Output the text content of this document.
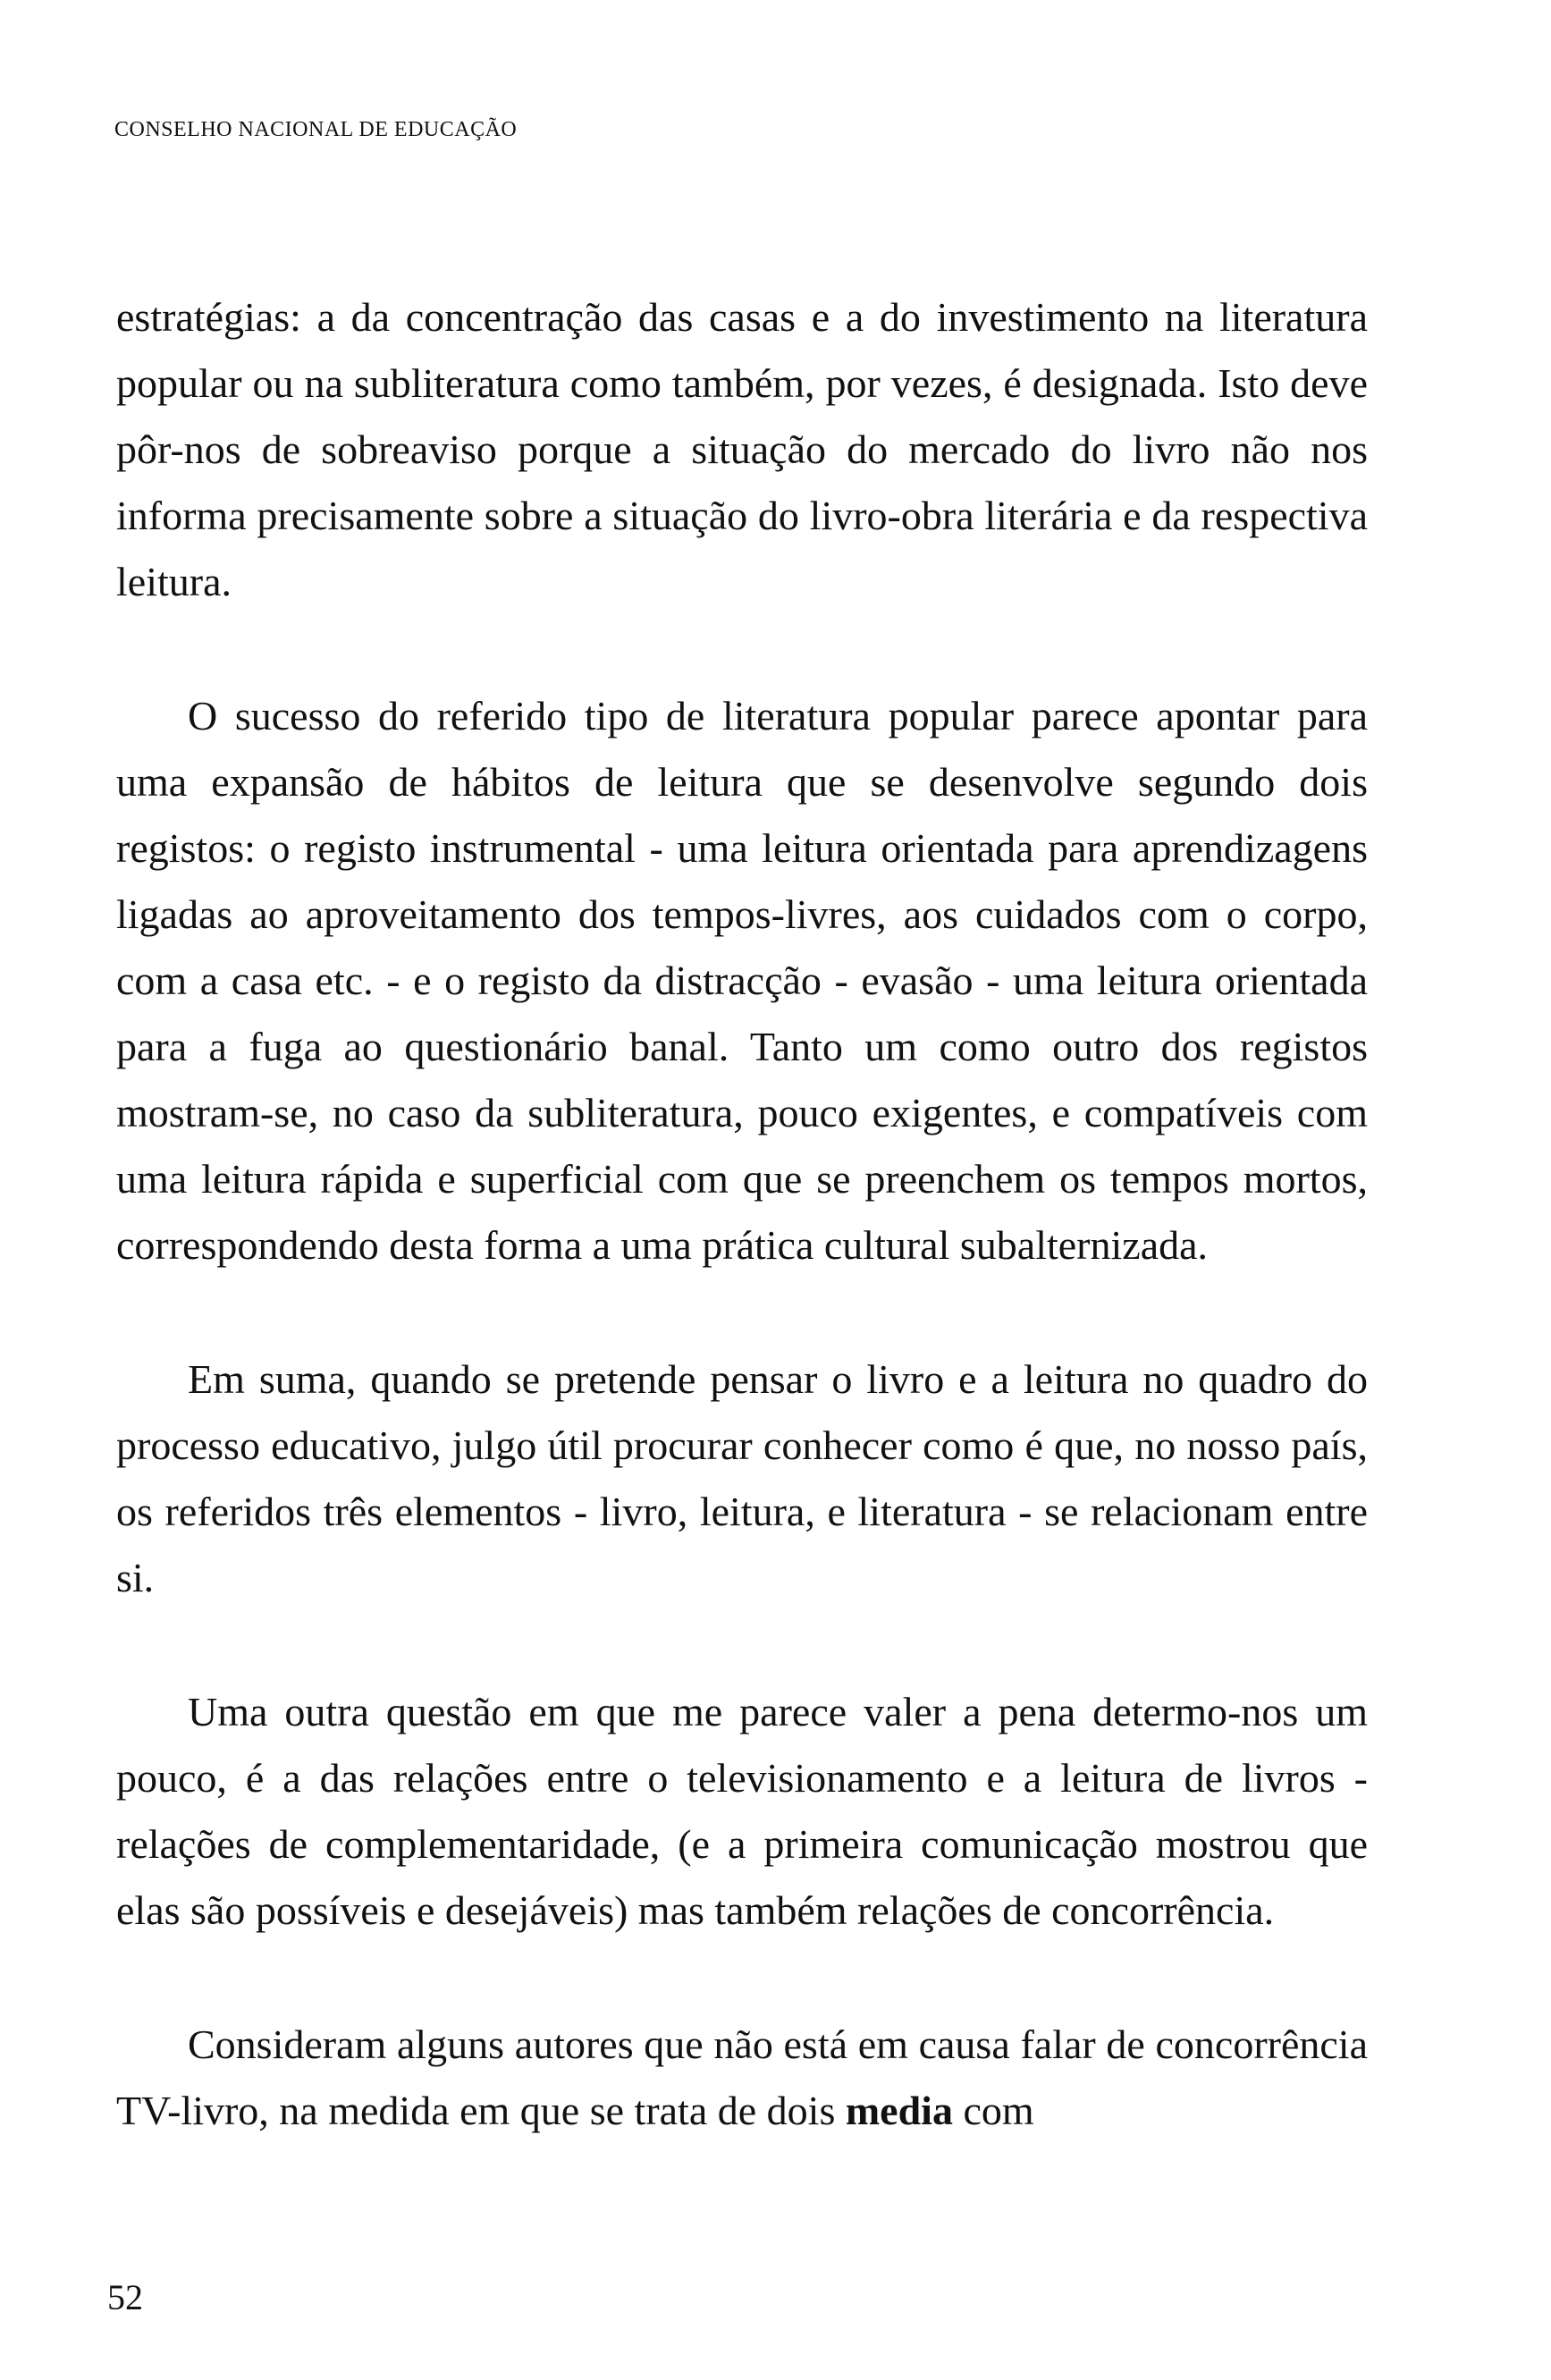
CONSELHO NACIONAL DE EDUCAÇÃO

estratégias: a da concentração das casas e a do investimento na literatura popular ou na subliteratura como também, por vezes, é designada. Isto deve pôr-nos de sobreaviso porque a situação do mercado do livro não nos informa precisamente sobre a situação do livro-obra literária e da respectiva leitura.

O sucesso do referido tipo de literatura popular parece apontar para uma expansão de hábitos de leitura que se desenvolve segundo dois registos: o registo instrumental - uma leitura orientada para aprendizagens ligadas ao aproveitamento dos tempos-livres, aos cuidados com o corpo, com a casa etc. - e o registo da distracção - evasão - uma leitura orientada para a fuga ao questionário banal. Tanto um como outro dos registos mostram-se, no caso da subliteratura, pouco exigentes, e compatíveis com uma leitura rápida e superficial com que se preenchem os tempos mortos, correspondendo desta forma a uma prática cultural subalternizada.

Em suma, quando se pretende pensar o livro e a leitura no quadro do processo educativo, julgo útil procurar conhecer como é que, no nosso país, os referidos três elementos - livro, leitura, e literatura - se relacionam entre si.

Uma outra questão em que me parece valer a pena determo-nos um pouco, é a das relações entre o televisionamento e a leitura de livros - relações de complementaridade, (e a primeira comunicação mostrou que elas são possíveis e desejáveis) mas também relações de concorrência.

Consideram alguns autores que não está em causa falar de concorrência TV-livro, na medida em que se trata de dois media com

52
